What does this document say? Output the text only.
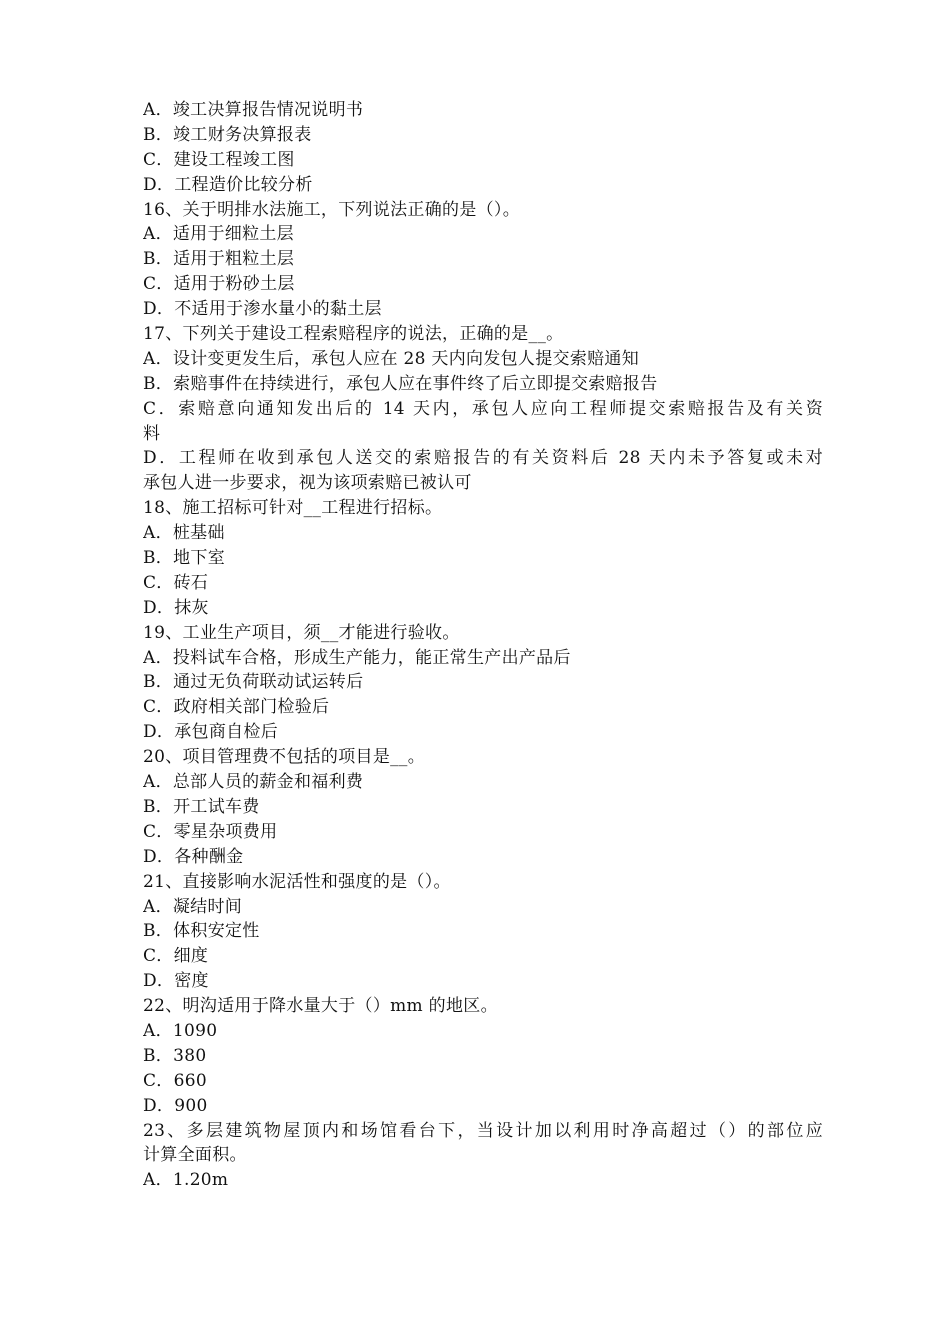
A．竣工决算报告情况说明书
B．竣工财务决算报表
C．建设工程竣工图
D．工程造价比较分析
16、关于明排水法施工，下列说法正确的是（）。
A．适用于细粒土层
B．适用于粗粒土层
C．适用于粉砂土层
D．不适用于渗水量小的黏土层
17、下列关于建设工程索赔程序的说法，正确的是__。
A．设计变更发生后，承包人应在 28 天内向发包人提交索赔通知
B．索赔事件在持续进行，承包人应在事件终了后立即提交索赔报告
C．索赔意向通知发出后的 14 天内，承包人应向工程师提交索赔报告及有关资
料
D．工程师在收到承包人送交的索赔报告的有关资料后 28 天内未予答复或未对
承包人进一步要求，视为该项索赔已被认可
18、施工招标可针对__工程进行招标。
A．桩基础
B．地下室
C．砖石
D．抹灰
19、工业生产项目，须__才能进行验收。
A．投料试车合格，形成生产能力，能正常生产出产品后
B．通过无负荷联动试运转后
C．政府相关部门检验后
D．承包商自检后
20、项目管理费不包括的项目是__。
A．总部人员的薪金和福利费
B．开工试车费
C．零星杂项费用
D．各种酬金
21、直接影响水泥活性和强度的是（）。
A．凝结时间
B．体积安定性
C．细度
D．密度
22、明沟适用于降水量大于（）mm 的地区。
A．1090
B．380
C．660
D．900
23、多层建筑物屋顶内和场馆看台下，当设计加以利用时净高超过（）的部位应
计算全面积。
A．1.20m
